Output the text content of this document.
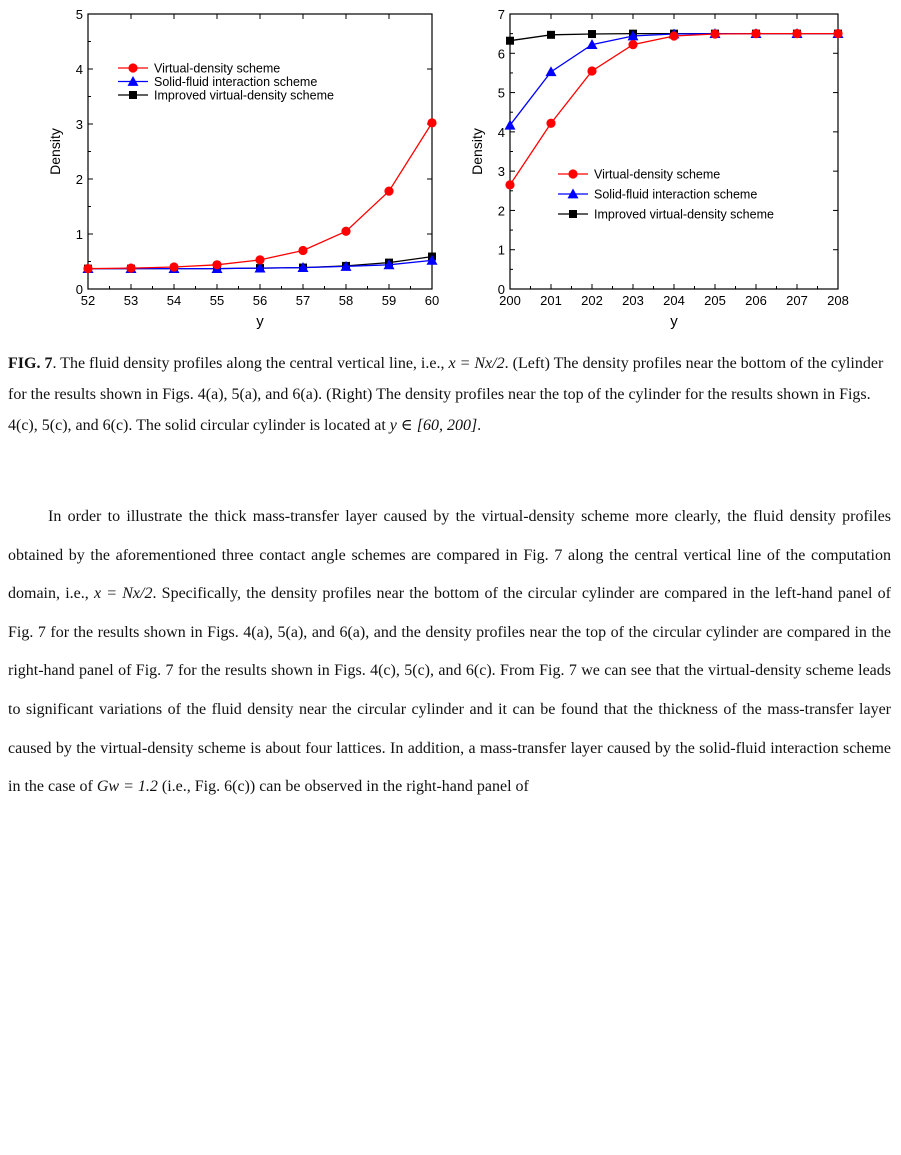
52 53 54 55 56 57 58 59 60
0
1
2
3
4
5
y
Density
Virtual-density scheme
Solid-fluid interaction scheme
Improved virtual-density scheme
200 201 202 203 204 205 206 207 208
0
1
2
3
4
5
6
7
y
Density	Virtual-density scheme
Solid-fluid interaction scheme
Improved virtual-density scheme
FIG. 7. The fluid density profiles along the central vertical line, i.e., x = Nx/2. (Left) The density profiles near the bottom of the cylinder for the results shown in Figs. 4(a), 5(a), and 6(a). (Right) The density profiles near the top of the cylinder for the results shown in Figs. 4(c), 5(c), and 6(c). The solid circular cylinder is located at y ∈ [60, 200].

In order to illustrate the thick mass-transfer layer caused by the virtual-density scheme more clearly, the fluid density profiles obtained by the aforementioned three contact angle schemes are compared in Fig. 7 along the central vertical line of the computation domain, i.e., x = Nx/2. Specifically, the density profiles near the bottom of the circular cylinder are compared in the left-hand panel of Fig. 7 for the results shown in Figs. 4(a), 5(a), and 6(a), and the density profiles near the top of the circular cylinder are compared in the right-hand panel of Fig. 7 for the results shown in Figs. 4(c), 5(c), and 6(c). From Fig. 7 we can see that the virtual-density scheme leads to significant variations of the fluid density near the circular cylinder and it can be found that the thickness of the mass-transfer layer caused by the virtual-density scheme is about four lattices. In addition, a mass-transfer layer caused by the solid-fluid interaction scheme in the case of Gw = 1.2 (i.e., Fig. 6(c)) can be observed in the right-hand panel of
